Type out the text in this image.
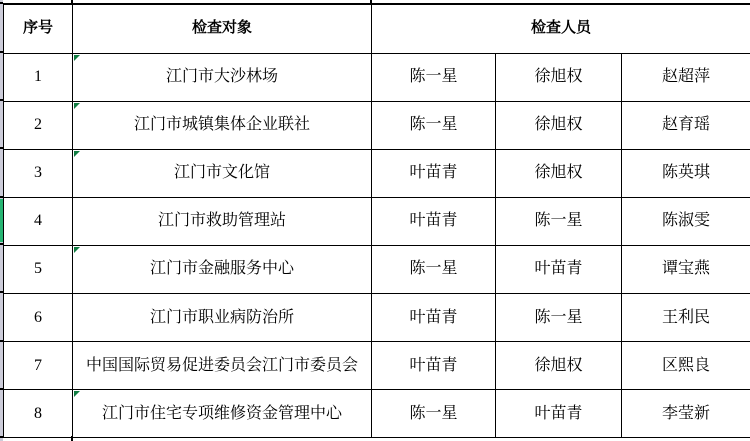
序号	检查对象	检查人员		
1	江门市大沙林场	陈一星	徐旭权	赵超萍
2	江门市城镇集体企业联社	陈一星	徐旭权	赵育瑶
3	江门市文化馆	叶苗青	徐旭权	陈英琪
4	江门市救助管理站	叶苗青	陈一星	陈淑雯
5	江门市金融服务中心	陈一星	叶苗青	谭宝燕
6	江门市职业病防治所	叶苗青	陈一星	王利民
7	中国国际贸易促进委员会江门市委员会	叶苗青	徐旭权	区熙良
8	江门市住宅专项维修资金管理中心	陈一星	叶苗青	李莹新
